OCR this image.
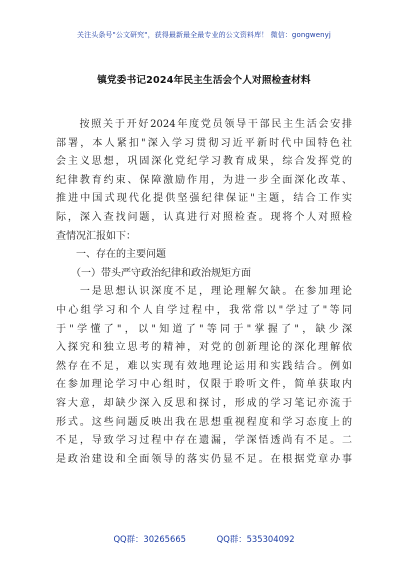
关注头条号"公文研究"，获得最新最全最专业的公文资料库！ 微信：gongwenyj
镇党委书记2024年民主生活会个人对照检查材料
　　按照关于开好2024年度党员领导干部民主生活会安排
部署，本人紧扣"深入学习贯彻习近平新时代中国特色社
会主义思想，巩固深化党纪学习教育成果，综合发挥党的
纪律教育约束、保障激励作用，为进一步全面深化改革、
推进中国式现代化提供坚强纪律保证"主题，结合工作实
际，深入查找问题，认真进行对照检查。现将个人对照检
查情况汇报如下：
　　一、存在的主要问题
　　（一）带头严守政治纪律和政治规矩方面
　　一是思想认识深度不足，理论理解欠缺。在参加理论
中心组学习和个人自学过程中，我常常以"学过了"等同
于"学懂了"，以"知道了"等同于"掌握了"，缺少深
入探究和独立思考的精神，对党的创新理论的深化理解依
然存在不足，难以实现有效地理论运用和实践结合。例如
在参加理论学习中心组时，仅限于聆听文件，简单获取内
容大意，却缺少深入反思和探讨，形成的学习笔记亦流于
形式。这些问题反映出我在思想重视程度和学习态度上的
不足，导致学习过程中存在遗漏，学深悟透尚有不足。二
是政治建设和全面领导的落实仍显不足。在根据党章办事
QQ群：30265665	QQ群：535304092
